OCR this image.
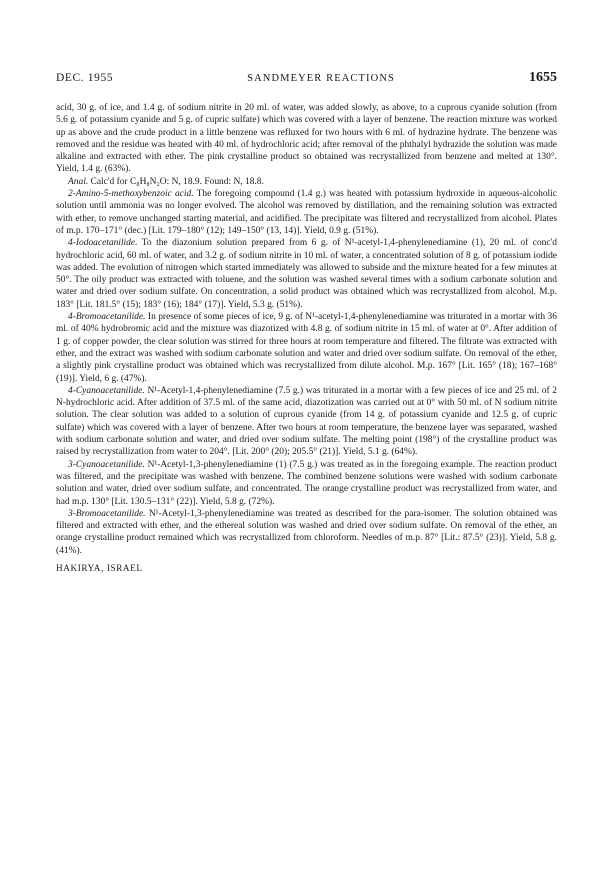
DEC. 1955	SANDMEYER REACTIONS	1655

acid, 30 g. of ice, and 1.4 g. of sodium nitrite in 20 ml. of water, was added slowly, as above, to a cuprous cyanide solution (from 5.6 g. of potassium cyanide and 5 g. of cupric sulfate) which was covered with a layer of benzene. The reaction mixture was worked up as above and the crude product in a little benzene was refluxed for two hours with 6 ml. of hydrazine hydrate. The benzene was removed and the residue was heated with 40 ml. of hydrochloric acid; after removal of the phthalyl hydrazide the solution was made alkaline and extracted with ether. The pink crystalline product so obtained was recrystallized from benzene and melted at 130°. Yield, 1.4 g. (63%).

Anal. Calc'd for C₈H₈N₂O: N, 18.9. Found: N, 18.8.

2-Amino-5-methoxybenzoic acid. The foregoing compound (1.4 g.) was heated with potassium hydroxide in aqueous-alcoholic solution until ammonia was no longer evolved. The alcohol was removed by distillation, and the remaining solution was extracted with ether, to remove unchanged starting material, and acidified. The precipitate was filtered and recrystallized from alcohol. Plates of m.p. 170–171° (dec.) [Lit. 179–180° (12); 149–150° (13, 14)]. Yield, 0.9 g. (51%).

4-Iodoacetanilide. To the diazonium solution prepared from 6 g. of N¹-acetyl-1,4-phenylenediamine (1), 20 ml. of conc'd hydrochloric acid, 60 ml. of water, and 3.2 g. of sodium nitrite in 10 ml. of water, a concentrated solution of 8 g. of potassium iodide was added. The evolution of nitrogen which started immediately was allowed to subside and the mixture heated for a few minutes at 50°. The oily product was extracted with toluene, and the solution was washed several times with a sodium carbonate solution and water and dried over sodium sulfate. On concentration, a solid product was obtained which was recrystallized from alcohol. M.p. 183° [Lit. 181.5° (15); 183° (16); 184° (17)]. Yield, 5.3 g. (51%).

4-Bromoacetanilide. In presence of some pieces of ice, 9 g. of N¹-acetyl-1,4-phenylenediamine was triturated in a mortar with 36 ml. of 40% hydrobromic acid and the mixture was diazotized with 4.8 g. of sodium nitrite in 15 ml. of water at 0°. After addition of 1 g. of copper powder, the clear solution was stirred for three hours at room temperature and filtered. The filtrate was extracted with ether, and the extract was washed with sodium carbonate solution and water and dried over sodium sulfate. On removal of the ether, a slightly pink crystalline product was obtained which was recrystallized from dilute alcohol. M.p. 167° [Lit. 165° (18); 167–168° (19)]. Yield, 6 g. (47%).

4-Cyanoacetanilide. N¹-Acetyl-1,4-phenylenediamine (7.5 g.) was triturated in a mortar with a few pieces of ice and 25 ml. of 2 N-hydrochloric acid. After addition of 37.5 ml. of the same acid, diazotization was carried out at 0° with 50 ml. of N sodium nitrite solution. The clear solution was added to a solution of cuprous cyanide (from 14 g. of potassium cyanide and 12.5 g. of cupric sulfate) which was covered with a layer of benzene. After two hours at room temperature, the benzene layer was separated, washed with sodium carbonate solution and water, and dried over sodium sulfate. The melting point (198°) of the crystalline product was raised by recrystallization from water to 204°. [Lit. 200° (20); 205.5° (21)]. Yield, 5.1 g. (64%).

3-Cyanoacetanilide. N¹-Acetyl-1,3-phenylenediamine (1) (7.5 g.) was treated as in the foregoing example. The reaction product was filtered, and the precipitate was washed with benzene. The combined benzene solutions were washed with sodium carbonate solution and water, dried over sodium sulfate, and concentrated. The orange crystalline product was recrystallized from water, and had m.p. 130° [Lit. 130.5–131° (22)]. Yield, 5.8 g. (72%).

3-Bromoacetanilide. N¹-Acetyl-1,3-phenylenediamine was treated as described for the para-isomer. The solution obtained was filtered and extracted with ether, and the ethereal solution was washed and dried over sodium sulfate. On removal of the ether, an orange crystalline product remained which was recrystallized from chloroform. Needles of m.p. 87° [Lit.: 87.5° (23)]. Yield, 5.8 g. (41%).

HAKIRYA, ISRAEL
